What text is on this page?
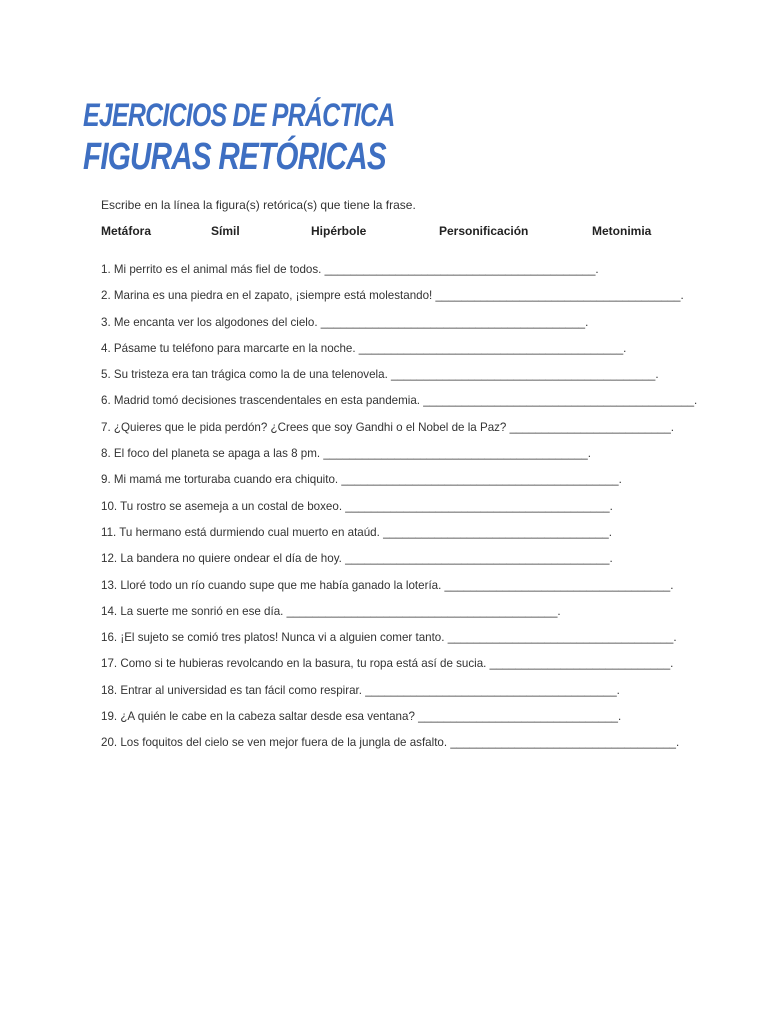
EJERCICIOS DE PRÁCTICA
FIGURAS RETÓRICAS
Escribe en la línea la figura(s) retórica(s) que tiene la frase.
Metáfora	Símil	Hipérbole	Personificación	Metonimia
1. Mi perrito es el animal más fiel de todos. __________________________________________.
2. Marina es una piedra en el zapato, ¡siempre está molestando! ______________________________________.
3. Me encanta ver los algodones del cielo. _________________________________________.
4. Pásame tu teléfono para marcarte en la noche. _________________________________________.
5. Su tristeza era tan trágica como la de una telenovela. _________________________________________.
6. Madrid tomó decisiones trascendentales en esta pandemia. __________________________________________.
7. ¿Quieres que le pida perdón? ¿Crees que soy Gandhi o el Nobel de la Paz? _________________________.
8. El foco del planeta se apaga a las 8 pm. _________________________________________.
9. Mi mamá me torturaba cuando era chiquito. ___________________________________________.
10. Tu rostro se asemeja a un costal de boxeo. _________________________________________.
11. Tu hermano está durmiendo cual muerto en ataúd. ___________________________________.
12. La bandera no quiere ondear el día de hoy. _________________________________________.
13. Lloré todo un río cuando supe que me había ganado la lotería. ___________________________________.
14. La suerte me sonrió en ese día. __________________________________________.
16. ¡El sujeto se comió tres platos! Nunca vi a alguien comer tanto. ___________________________________.
17. Como si te hubieras revolcando en la basura, tu ropa está así de sucia. ____________________________.
18. Entrar al universidad es tan fácil como respirar. _______________________________________.
19. ¿A quién le cabe en la cabeza saltar desde esa ventana? _______________________________.
20. Los foquitos del cielo se ven mejor fuera de la jungla de asfalto. ___________________________________.
